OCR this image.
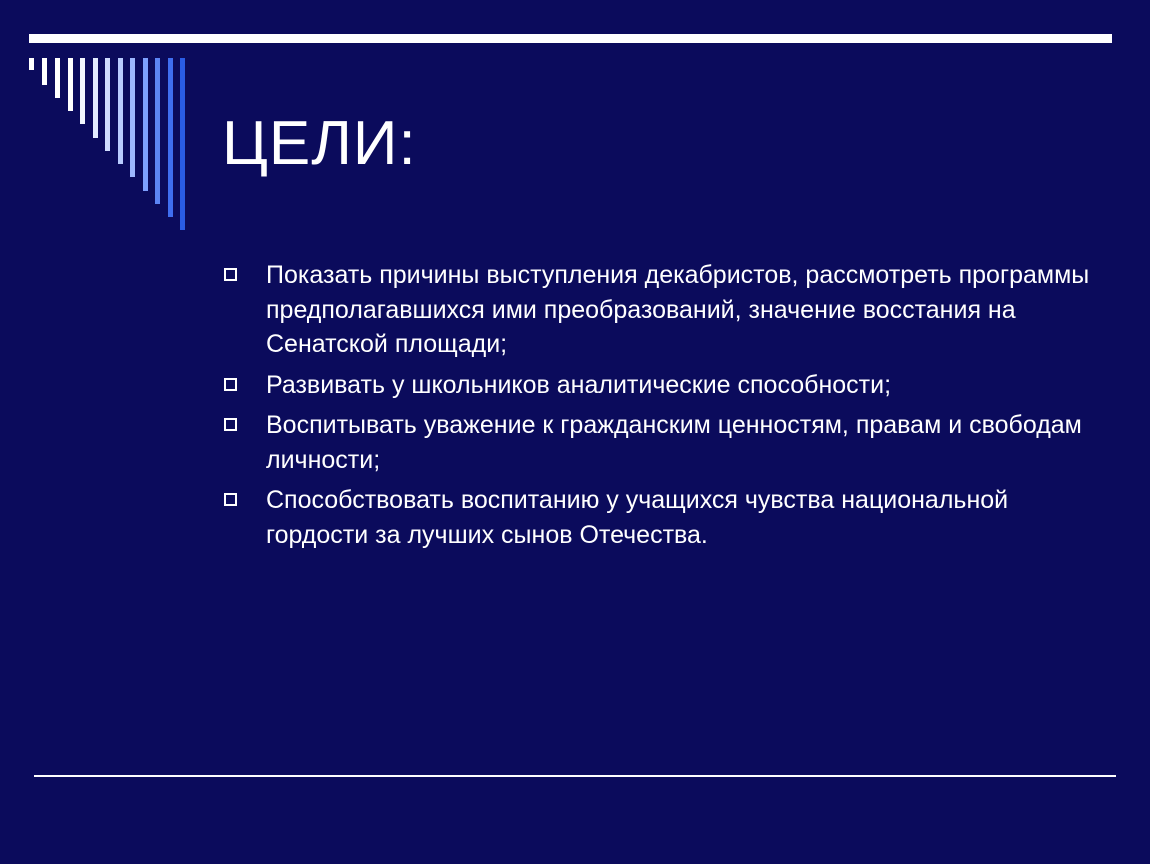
ЦЕЛИ:
Показать причины выступления декабристов, рассмотреть программы предполагавшихся ими преобразований, значение восстания на Сенатской площади;
Развивать у школьников аналитические способности;
Воспитывать уважение к гражданским ценностям, правам и свободам личности;
Способствовать воспитанию у учащихся чувства национальной гордости за лучших сынов Отечества.
